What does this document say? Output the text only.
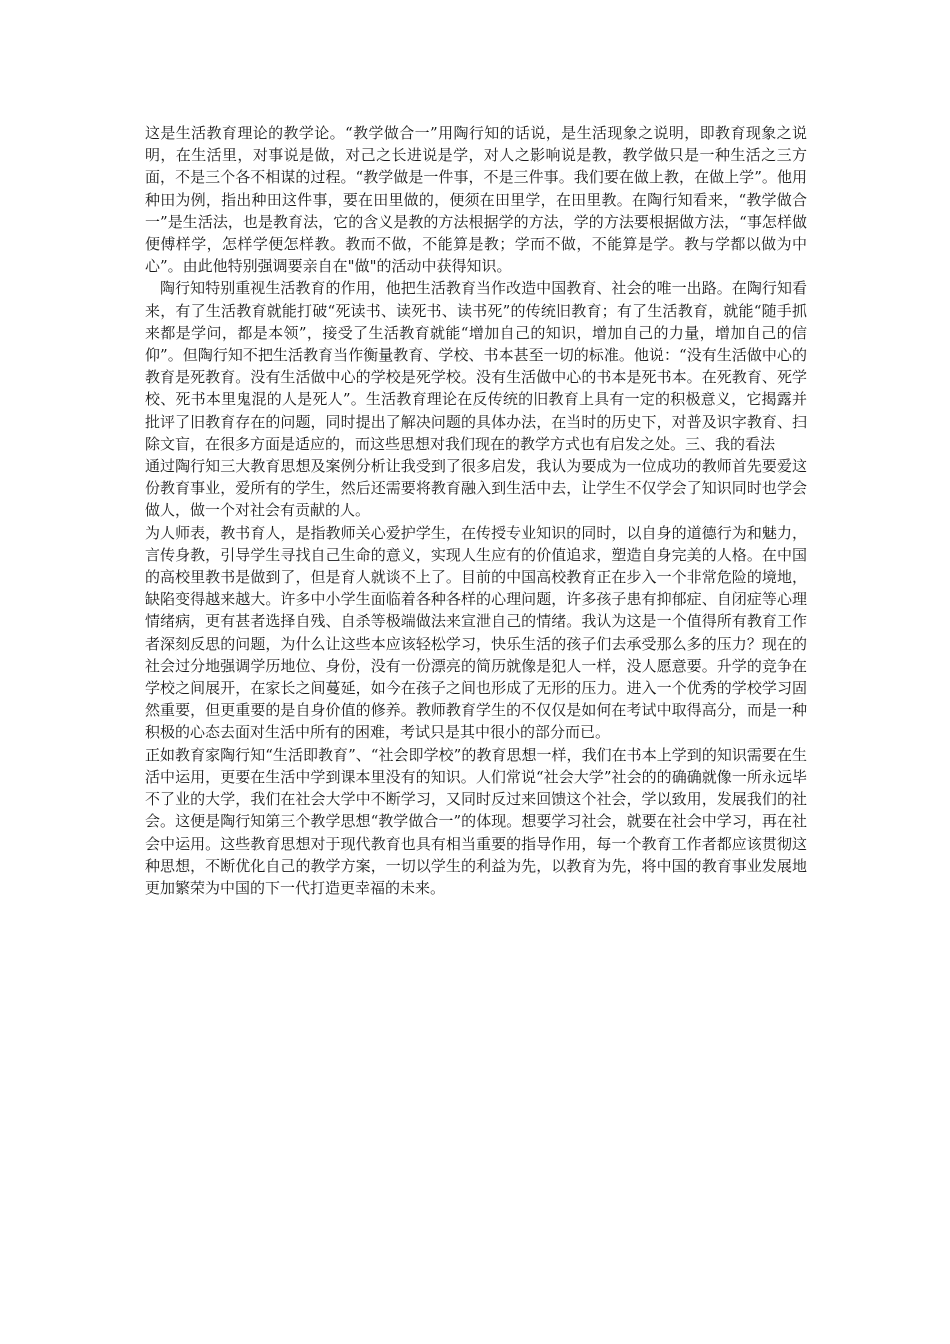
这是生活教育理论的教学论。“教学做合一”用陶行知的话说，是生活现象之说明，即教育现象之说明，在生活里，对事说是做，对己之长进说是学，对人之影响说是教，教学做只是一种生活之三方面，不是三个各不相谋的过程。“教学做是一件事，不是三件事。我们要在做上教，在做上学”。他用种田为例，指出种田这件事，要在田里做的，便须在田里学，在田里教。在陶行知看来，“教学做合一”是生活法，也是教育法，它的含义是教的方法根据学的方法，学的方法要根据做方法，“事怎样做便傅样学，怎样学便怎样教。教而不做，不能算是教；学而不做，不能算是学。教与学都以做为中心”。由此他特别强调要亲自在"做"的活动中获得知识。

陶行知特别重视生活教育的作用，他把生活教育当作改造中国教育、社会的唯一出路。在陶行知看来，有了生活教育就能打破“死读书、读死书、读书死”的传统旧教育；有了生活教育，就能“随手抓来都是学问，都是本领”，接受了生活教育就能“增加自己的知识，增加自己的力量，增加自己的信仰”。但陶行知不把生活教育当作衡量教育、学校、书本甚至一切的标准。他说：“没有生活做中心的教育是死教育。没有生活做中心的学校是死学校。没有生活做中心的书本是死书本。在死教育、死学校、死书本里鬼混的人是死人”。生活教育理论在反传统的旧教育上具有一定的积极意义，它揭露并批评了旧教育存在的问题，同时提出了解决问题的具体办法，在当时的历史下，对普及识字教育、扫除文盲，在很多方面是适应的，而这些思想对我们现在的教学方式也有启发之处。三、我的看法

通过陶行知三大教育思想及案例分析让我受到了很多启发，我认为要成为一位成功的教师首先要爱这份教育事业，爱所有的学生，然后还需要将教育融入到生活中去，让学生不仅学会了知识同时也学会做人，做一个对社会有贡献的人。

为人师表，教书育人，是指教师关心爱护学生，在传授专业知识的同时，以自身的道德行为和魅力，言传身教，引导学生寻找自己生命的意义，实现人生应有的价值追求，塑造自身完美的人格。在中国的高校里教书是做到了，但是育人就谈不上了。目前的中国高校教育正在步入一个非常危险的境地，缺陷变得越来越大。许多中小学生面临着各种各样的心理问题，许多孩子患有抑郁症、自闭症等心理情绪病，更有甚者选择自残、自杀等极端做法来宣泄自己的情绪。我认为这是一个值得所有教育工作者深刻反思的问题，为什么让这些本应该轻松学习，快乐生活的孩子们去承受那么多的压力？现在的社会过分地强调学历地位、身份，没有一份漂亮的简历就像是犯人一样，没人愿意要。升学的竞争在学校之间展开，在家长之间蔓延，如今在孩子之间也形成了无形的压力。进入一个优秀的学校学习固然重要，但更重要的是自身价值的修养。教师教育学生的不仅仅是如何在考试中取得高分，而是一种积极的心态去面对生活中所有的困难，考试只是其中很小的部分而已。

正如教育家陶行知“生活即教育”、“社会即学校”的教育思想一样，我们在书本上学到的知识需要在生活中运用，更要在生活中学到课本里没有的知识。人们常说“社会大学”社会的的确确就像一所永远毕不了业的大学，我们在社会大学中不断学习，又同时反过来回馈这个社会，学以致用，发展我们的社会。这便是陶行知第三个教学思想“教学做合一”的体现。想要学习社会，就要在社会中学习，再在社会中运用。这些教育思想对于现代教育也具有相当重要的指导作用，每一个教育工作者都应该贯彻这种思想，不断优化自己的教学方案，一切以学生的利益为先，以教育为先，将中国的教育事业发展地更加繁荣为中国的下一代打造更幸福的未来。
